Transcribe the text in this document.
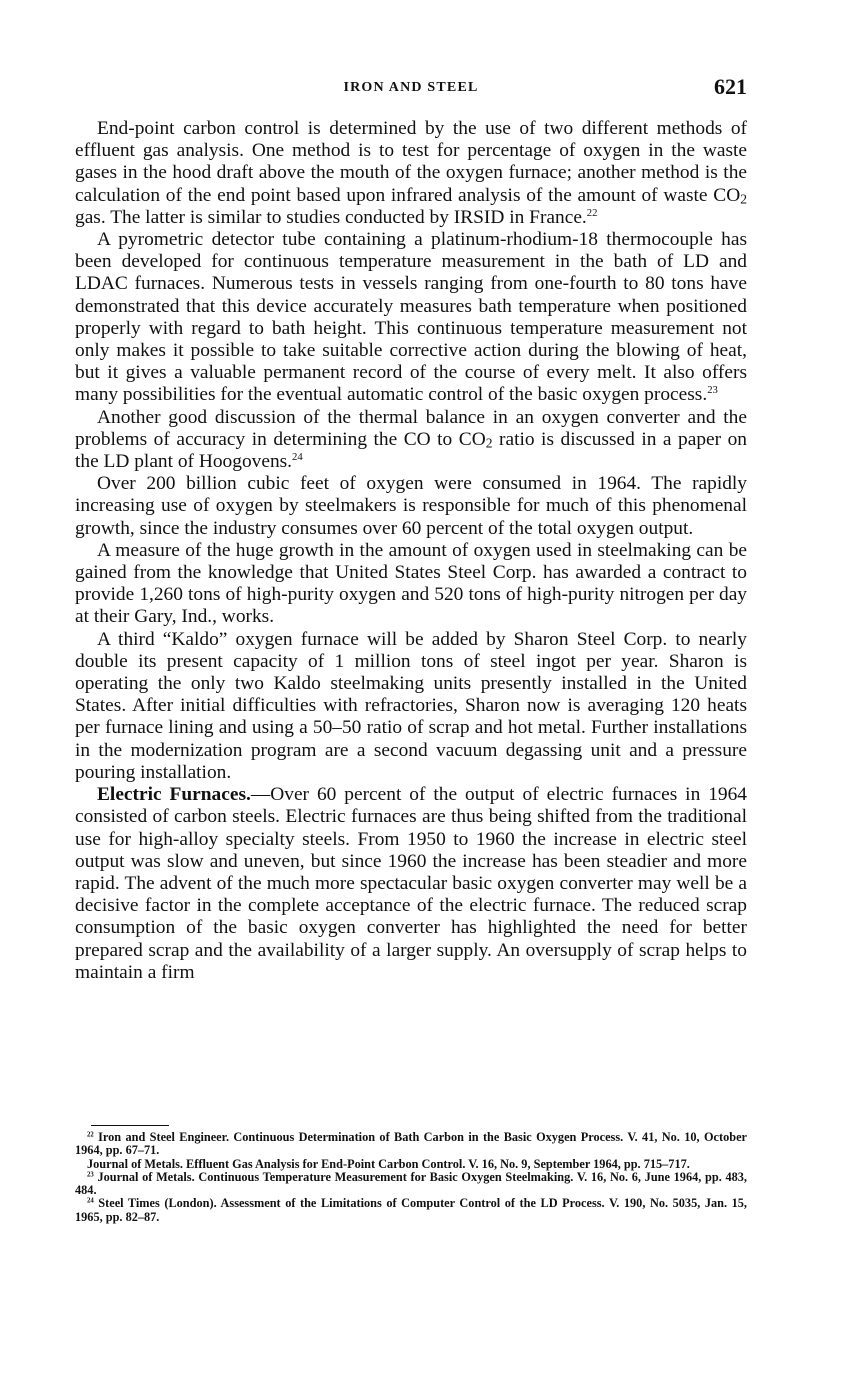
IRON AND STEEL	621

End-point carbon control is determined by the use of two different methods of effluent gas analysis. One method is to test for percentage of oxygen in the waste gases in the hood draft above the mouth of the oxygen furnace; another method is the calculation of the end point based upon infrared analysis of the amount of waste $CO_2$ gas. The latter is similar to studies conducted by IRSID in France.$^{22}$

A pyrometric detector tube containing a platinum-rhodium-18 thermocouple has been developed for continuous temperature measurement in the bath of LD and LDAC furnaces. Numerous tests in vessels ranging from one-fourth to 80 tons have demonstrated that this device accurately measures bath temperature when positioned properly with regard to bath height. This continuous temperature measurement not only makes it possible to take suitable corrective action during the blowing of heat, but it gives a valuable permanent record of the course of every melt. It also offers many possibilities for the eventual automatic control of the basic oxygen process.$^{23}$

Another good discussion of the thermal balance in an oxygen converter and the problems of accuracy in determining the CO to $CO_2$ ratio is discussed in a paper on the LD plant of Hoogovens.$^{24}$

Over 200 billion cubic feet of oxygen were consumed in 1964. The rapidly increasing use of oxygen by steelmakers is responsible for much of this phenomenal growth, since the industry consumes over 60 percent of the total oxygen output.

A measure of the huge growth in the amount of oxygen used in steelmaking can be gained from the knowledge that United States Steel Corp. has awarded a contract to provide 1,260 tons of high-purity oxygen and 520 tons of high-purity nitrogen per day at their Gary, Ind., works.

A third “Kaldo” oxygen furnace will be added by Sharon Steel Corp. to nearly double its present capacity of 1 million tons of steel ingot per year. Sharon is operating the only two Kaldo steelmaking units presently installed in the United States. After initial difficulties with refractories, Sharon now is averaging 120 heats per furnace lining and using a 50–50 ratio of scrap and hot metal. Further installations in the modernization program are a second vacuum degassing unit and a pressure pouring installation.

Electric Furnaces.—Over 60 percent of the output of electric furnaces in 1964 consisted of carbon steels. Electric furnaces are thus being shifted from the traditional use for high-alloy specialty steels. From 1950 to 1960 the increase in electric steel output was slow and uneven, but since 1960 the increase has been steadier and more rapid. The advent of the much more spectacular basic oxygen converter may well be a decisive factor in the complete acceptance of the electric furnace. The reduced scrap consumption of the basic oxygen converter has highlighted the need for better prepared scrap and the availability of a larger supply. An oversupply of scrap helps to maintain a firm

$^{22}$ Iron and Steel Engineer. Continuous Determination of Bath Carbon in the Basic Oxygen Process. V. 41, No. 10, October 1964, pp. 67–71.

Journal of Metals. Effluent Gas Analysis for End-Point Carbon Control. V. 16, No. 9, September 1964, pp. 715–717.

$^{23}$ Journal of Metals. Continuous Temperature Measurement for Basic Oxygen Steelmaking. V. 16, No. 6, June 1964, pp. 483, 484.

$^{24}$ Steel Times (London). Assessment of the Limitations of Computer Control of the LD Process. V. 190, No. 5035, Jan. 15, 1965, pp. 82–87.
